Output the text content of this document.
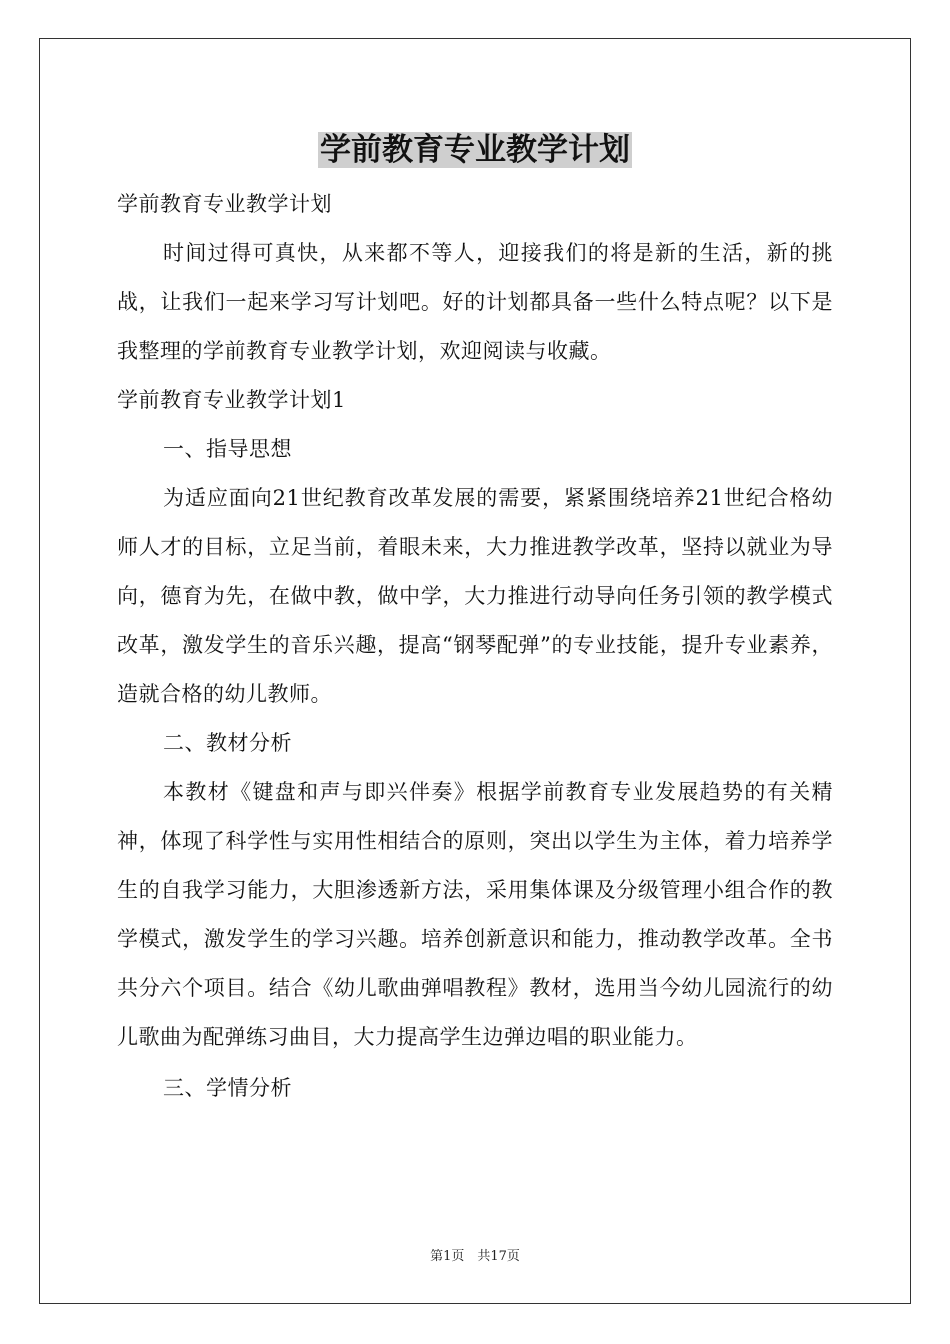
学前教育专业教学计划

学前教育专业教学计划

时间过得可真快，从来都不等人，迎接我们的将是新的生活，新的挑战，让我们一起来学习写计划吧。好的计划都具备一些什么特点呢？以下是我整理的学前教育专业教学计划，欢迎阅读与收藏。

学前教育专业教学计划1

一、指导思想

为适应面向21世纪教育改革发展的需要，紧紧围绕培养21世纪合格幼师人才的目标，立足当前，着眼未来，大力推进教学改革，坚持以就业为导向，德育为先，在做中教，做中学，大力推进行动导向任务引领的教学模式改革，激发学生的音乐兴趣，提高“钢琴配弹”的专业技能，提升专业素养，造就合格的幼儿教师。

二、教材分析

本教材《键盘和声与即兴伴奏》根据学前教育专业发展趋势的有关精神，体现了科学性与实用性相结合的原则，突出以学生为主体，着力培养学生的自我学习能力，大胆渗透新方法，采用集体课及分级管理小组合作的教学模式，激发学生的学习兴趣。培养创新意识和能力，推动教学改革。全书共分六个项目。结合《幼儿歌曲弹唱教程》教材，选用当今幼儿园流行的幼儿歌曲为配弹练习曲目，大力提高学生边弹边唱的职业能力。

三、学情分析

第1页　共17页
